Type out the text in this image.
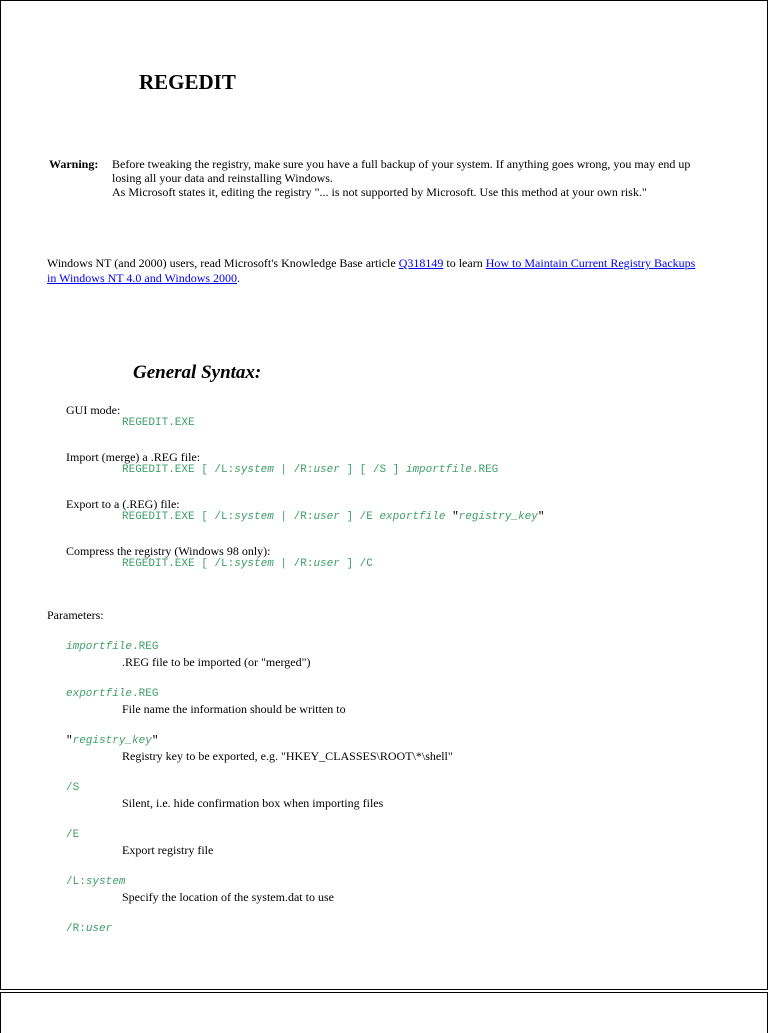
REGEDIT
Warning: Before tweaking the registry, make sure you have a full backup of your system. If anything goes wrong, you may end up losing all your data and reinstalling Windows.
As Microsoft states it, editing the registry "... is not supported by Microsoft. Use this method at your own risk."
Windows NT (and 2000) users, read Microsoft's Knowledge Base article Q318149 to learn How to Maintain Current Registry Backups in Windows NT 4.0 and Windows 2000.
General Syntax:
GUI mode:
REGEDIT.EXE
Import (merge) a .REG file:
REGEDIT.EXE [ /L:system | /R:user ] [ /S ] importfile.REG
Export to a (.REG) file:
REGEDIT.EXE [ /L:system | /R:user ] /E exportfile "registry_key"
Compress the registry (Windows 98 only):
REGEDIT.EXE [ /L:system | /R:user ] /C
Parameters:
importfile.REG
.REG file to be imported (or "merged")
exportfile.REG
File name the information should be written to
"registry_key"
Registry key to be exported, e.g. "HKEY_CLASSES\ROOT\*\shell"
/S
Silent, i.e. hide confirmation box when importing files
/E
Export registry file
/L:system
Specify the location of the system.dat to use
/R:user
